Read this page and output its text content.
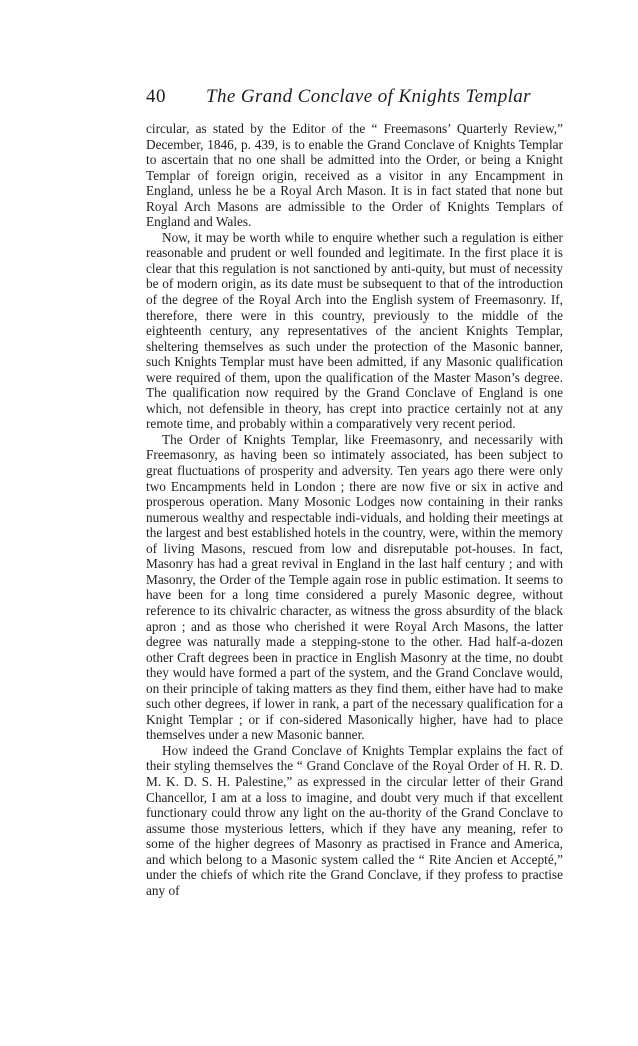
40 The Grand Conclave of Knights Templar

circular, as stated by the Editor of the “ Freemasons’ Quarterly Review,” December, 1846, p. 439, is to enable the Grand Conclave of Knights Templar to ascertain that no one shall be admitted into the Order, or being a Knight Templar of foreign origin, received as a visitor in any Encampment in England, unless he be a Royal Arch Mason. It is in fact stated that none but Royal Arch Masons are admissible to the Order of Knights Templars of England and Wales.

Now, it may be worth while to enquire whether such a regulation is either reasonable and prudent or well founded and legitimate. In the first place it is clear that this regulation is not sanctioned by anti-quity, but must of necessity be of modern origin, as its date must be subsequent to that of the introduction of the degree of the Royal Arch into the English system of Freemasonry. If, therefore, there were in this country, previously to the middle of the eighteenth century, any representatives of the ancient Knights Templar, sheltering themselves as such under the protection of the Masonic banner, such Knights Templar must have been admitted, if any Masonic qualification were required of them, upon the qualification of the Master Mason’s degree. The qualification now required by the Grand Conclave of England is one which, not defensible in theory, has crept into practice certainly not at any remote time, and probably within a comparatively very recent period.

The Order of Knights Templar, like Freemasonry, and necessarily with Freemasonry, as having been so intimately associated, has been subject to great fluctuations of prosperity and adversity. Ten years ago there were only two Encampments held in London ; there are now five or six in active and prosperous operation. Many Mosonic Lodges now containing in their ranks numerous wealthy and respectable indi-viduals, and holding their meetings at the largest and best established hotels in the country, were, within the memory of living Masons, rescued from low and disreputable pot-houses. In fact, Masonry has had a great revival in England in the last half century ; and with Masonry, the Order of the Temple again rose in public estimation. It seems to have been for a long time considered a purely Masonic degree, without reference to its chivalric character, as witness the gross absurdity of the black apron ; and as those who cherished it were Royal Arch Masons, the latter degree was naturally made a stepping-stone to the other. Had half-a-dozen other Craft degrees been in practice in English Masonry at the time, no doubt they would have formed a part of the system, and the Grand Conclave would, on their principle of taking matters as they find them, either have had to make such other degrees, if lower in rank, a part of the necessary qualification for a Knight Templar ; or if con-sidered Masonically higher, have had to place themselves under a new Masonic banner.

How indeed the Grand Conclave of Knights Templar explains the fact of their styling themselves the “ Grand Conclave of the Royal Order of H. R. D. M. K. D. S. H. Palestine,” as expressed in the circular letter of their Grand Chancellor, I am at a loss to imagine, and doubt very much if that excellent functionary could throw any light on the au-thority of the Grand Conclave to assume those mysterious letters, which if they have any meaning, refer to some of the higher degrees of Masonry as practised in France and America, and which belong to a Masonic system called the “ Rite Ancien et Accepté,” under the chiefs of which rite the Grand Conclave, if they profess to practise any of
